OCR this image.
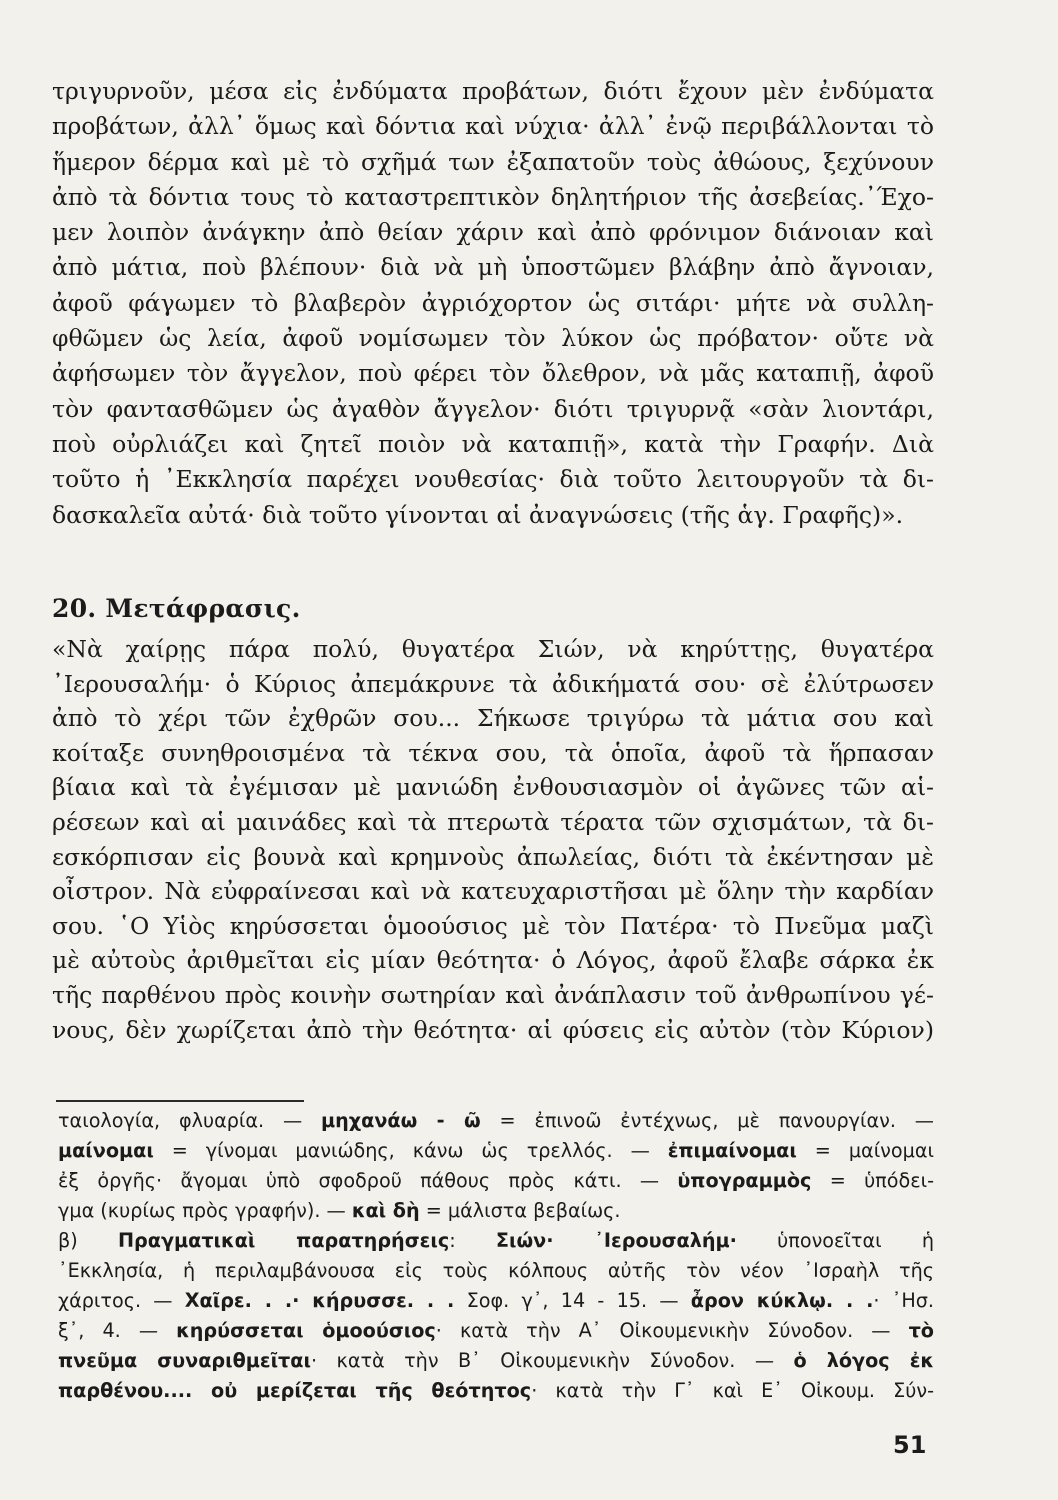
τριγυρνοῦν, μέσα εἰς ἐνδύματα προβάτων, διότι ἔχουν μὲν ἐνδύματα
προβάτων, ἀλλ᾽ ὅμως καὶ δόντια καὶ νύχια· ἀλλ᾽ ἐνῷ περιβάλλονται τὸ
ἥμερον δέρμα καὶ μὲ τὸ σχῆμά των ἐξαπατοῦν τοὺς ἀθώους, ξεχύνουν
ἀπὸ τὰ δόντια τους τὸ καταστρεπτικὸν δηλητήριον τῆς ἀσεβείας.᾽Έχο-
μεν λοιπὸν ἀνάγκην ἀπὸ θείαν χάριν καὶ ἀπὸ φρόνιμον διάνοιαν καὶ
ἀπὸ μάτια, ποὺ βλέπουν· διὰ νὰ μὴ ὑποστῶμεν βλάβην ἀπὸ ἄγνοιαν,
ἀφοῦ φάγωμεν τὸ βλαβερὸν ἀγριόχορτον ὡς σιτάρι· μήτε νὰ συλλη-
φθῶμεν ὡς λεία, ἀφοῦ νομίσωμεν τὸν λύκον ὡς πρόβατον· οὔτε νὰ
ἀφήσωμεν τὸν ἄγγελον, ποὺ φέρει τὸν ὄλεθρον, νὰ μᾶς καταπιῇ, ἀφοῦ
τὸν φαντασθῶμεν ὡς ἀγαθὸν ἄγγελον· διότι τριγυρνᾷ «σὰν λιοντάρι,
ποὺ οὐρλιάζει καὶ ζητεῖ ποιὸν νὰ καταπιῇ», κατὰ τὴν Γραφήν. Διὰ
τοῦτο ἡ ᾽Εκκλησία παρέχει νουθεσίας· διὰ τοῦτο λειτουργοῦν τὰ δι-
δασκαλεῖα αὐτά· διὰ τοῦτο γίνονται αἱ ἀναγνώσεις (τῆς ἁγ. Γραφῆς)».
20. Μετάφρασις.
«Νὰ χαίρῃς πάρα πολύ, θυγατέρα Σιών, νὰ κηρύττῃς, θυγατέρα
᾽Ιερουσαλήμ· ὁ Κύριος ἀπεμάκρυνε τὰ ἀδικήματά σου· σὲ ἐλύτρωσεν
ἀπὸ τὸ χέρι τῶν ἐχθρῶν σου... Σήκωσε τριγύρω τὰ μάτια σου καὶ
κοίταξε συνηθροισμένα τὰ τέκνα σου, τὰ ὁποῖα, ἀφοῦ τὰ ἥρπασαν
βίαια καὶ τὰ ἐγέμισαν μὲ μανιώδη ἐνθουσιασμὸν οἱ ἀγῶνες τῶν αἱ-
ρέσεων καὶ αἱ μαινάδες καὶ τὰ πτερωτὰ τέρατα τῶν σχισμάτων, τὰ δι-
εσκόρπισαν εἰς βουνὰ καὶ κρημνοὺς ἀπωλείας, διότι τὰ ἐκέντησαν μὲ
οἶστρον. Νὰ εὐφραίνεσαι καὶ νὰ κατευχαριστῆσαι μὲ ὅλην τὴν καρδίαν
σου. ῾Ο Υἱὸς κηρύσσεται ὁμοούσιος μὲ τὸν Πατέρα· τὸ Πνεῦμα μαζὶ
μὲ αὐτοὺς ἀριθμεῖται εἰς μίαν θεότητα· ὁ Λόγος, ἀφοῦ ἔλαβε σάρκα ἐκ
τῆς παρθένου πρὸς κοινὴν σωτηρίαν καὶ ἀνάπλασιν τοῦ ἀνθρωπίνου γέ-
νους, δὲν χωρίζεται ἀπὸ τὴν θεότητα· αἱ φύσεις εἰς αὐτὸν (τὸν Κύριον)
ταιολογία, φλυαρία. — μηχανάω - ῶ = ἐπινοῶ ἐντέχνως, μὲ πανουργίαν. —
μαίνομαι = γίνομαι μανιώδης, κάνω ὡς τρελλός. — ἐπιμαίνομαι = μαίνομαι
ἐξ ὀργῆς· ἄγομαι ὑπὸ σφοδροῦ πάθους πρὸς κάτι. — ὑπογραμμὸς = ὑπόδει-
γμα (κυρίως πρὸς γραφήν). — καὶ δὴ = μάλιστα βεβαίως.
β) Πραγματικαὶ παρατηρήσεις: Σιών· ᾽Ιερουσαλήμ· ὑπονοεῖται ἡ
᾽Εκκλησία, ἡ περιλαμβάνουσα εἰς τοὺς κόλπους αὐτῆς τὸν νέον ᾽Ισραὴλ τῆς
χάριτος. — Χαῖρε. . .· κήρυσσε. . . Σοφ. γ᾽, 14 - 15. — ἆρον κύκλῳ. . .· ᾽Ησ.
ξ᾽, 4. — κηρύσσεται ὁμοούσιος· κατὰ τὴν Α᾽ Οἰκουμενικὴν Σύνοδον. — τὸ
πνεῦμα συναριθμεῖται· κατὰ τὴν Β᾽ Οἰκουμενικὴν Σύνοδον. — ὁ λόγος ἐκ
παρθένου.... οὐ μερίζεται τῆς θεότητος· κατὰ τὴν Γ᾽ καὶ Ε᾽ Οἰκουμ. Σύν-
51
